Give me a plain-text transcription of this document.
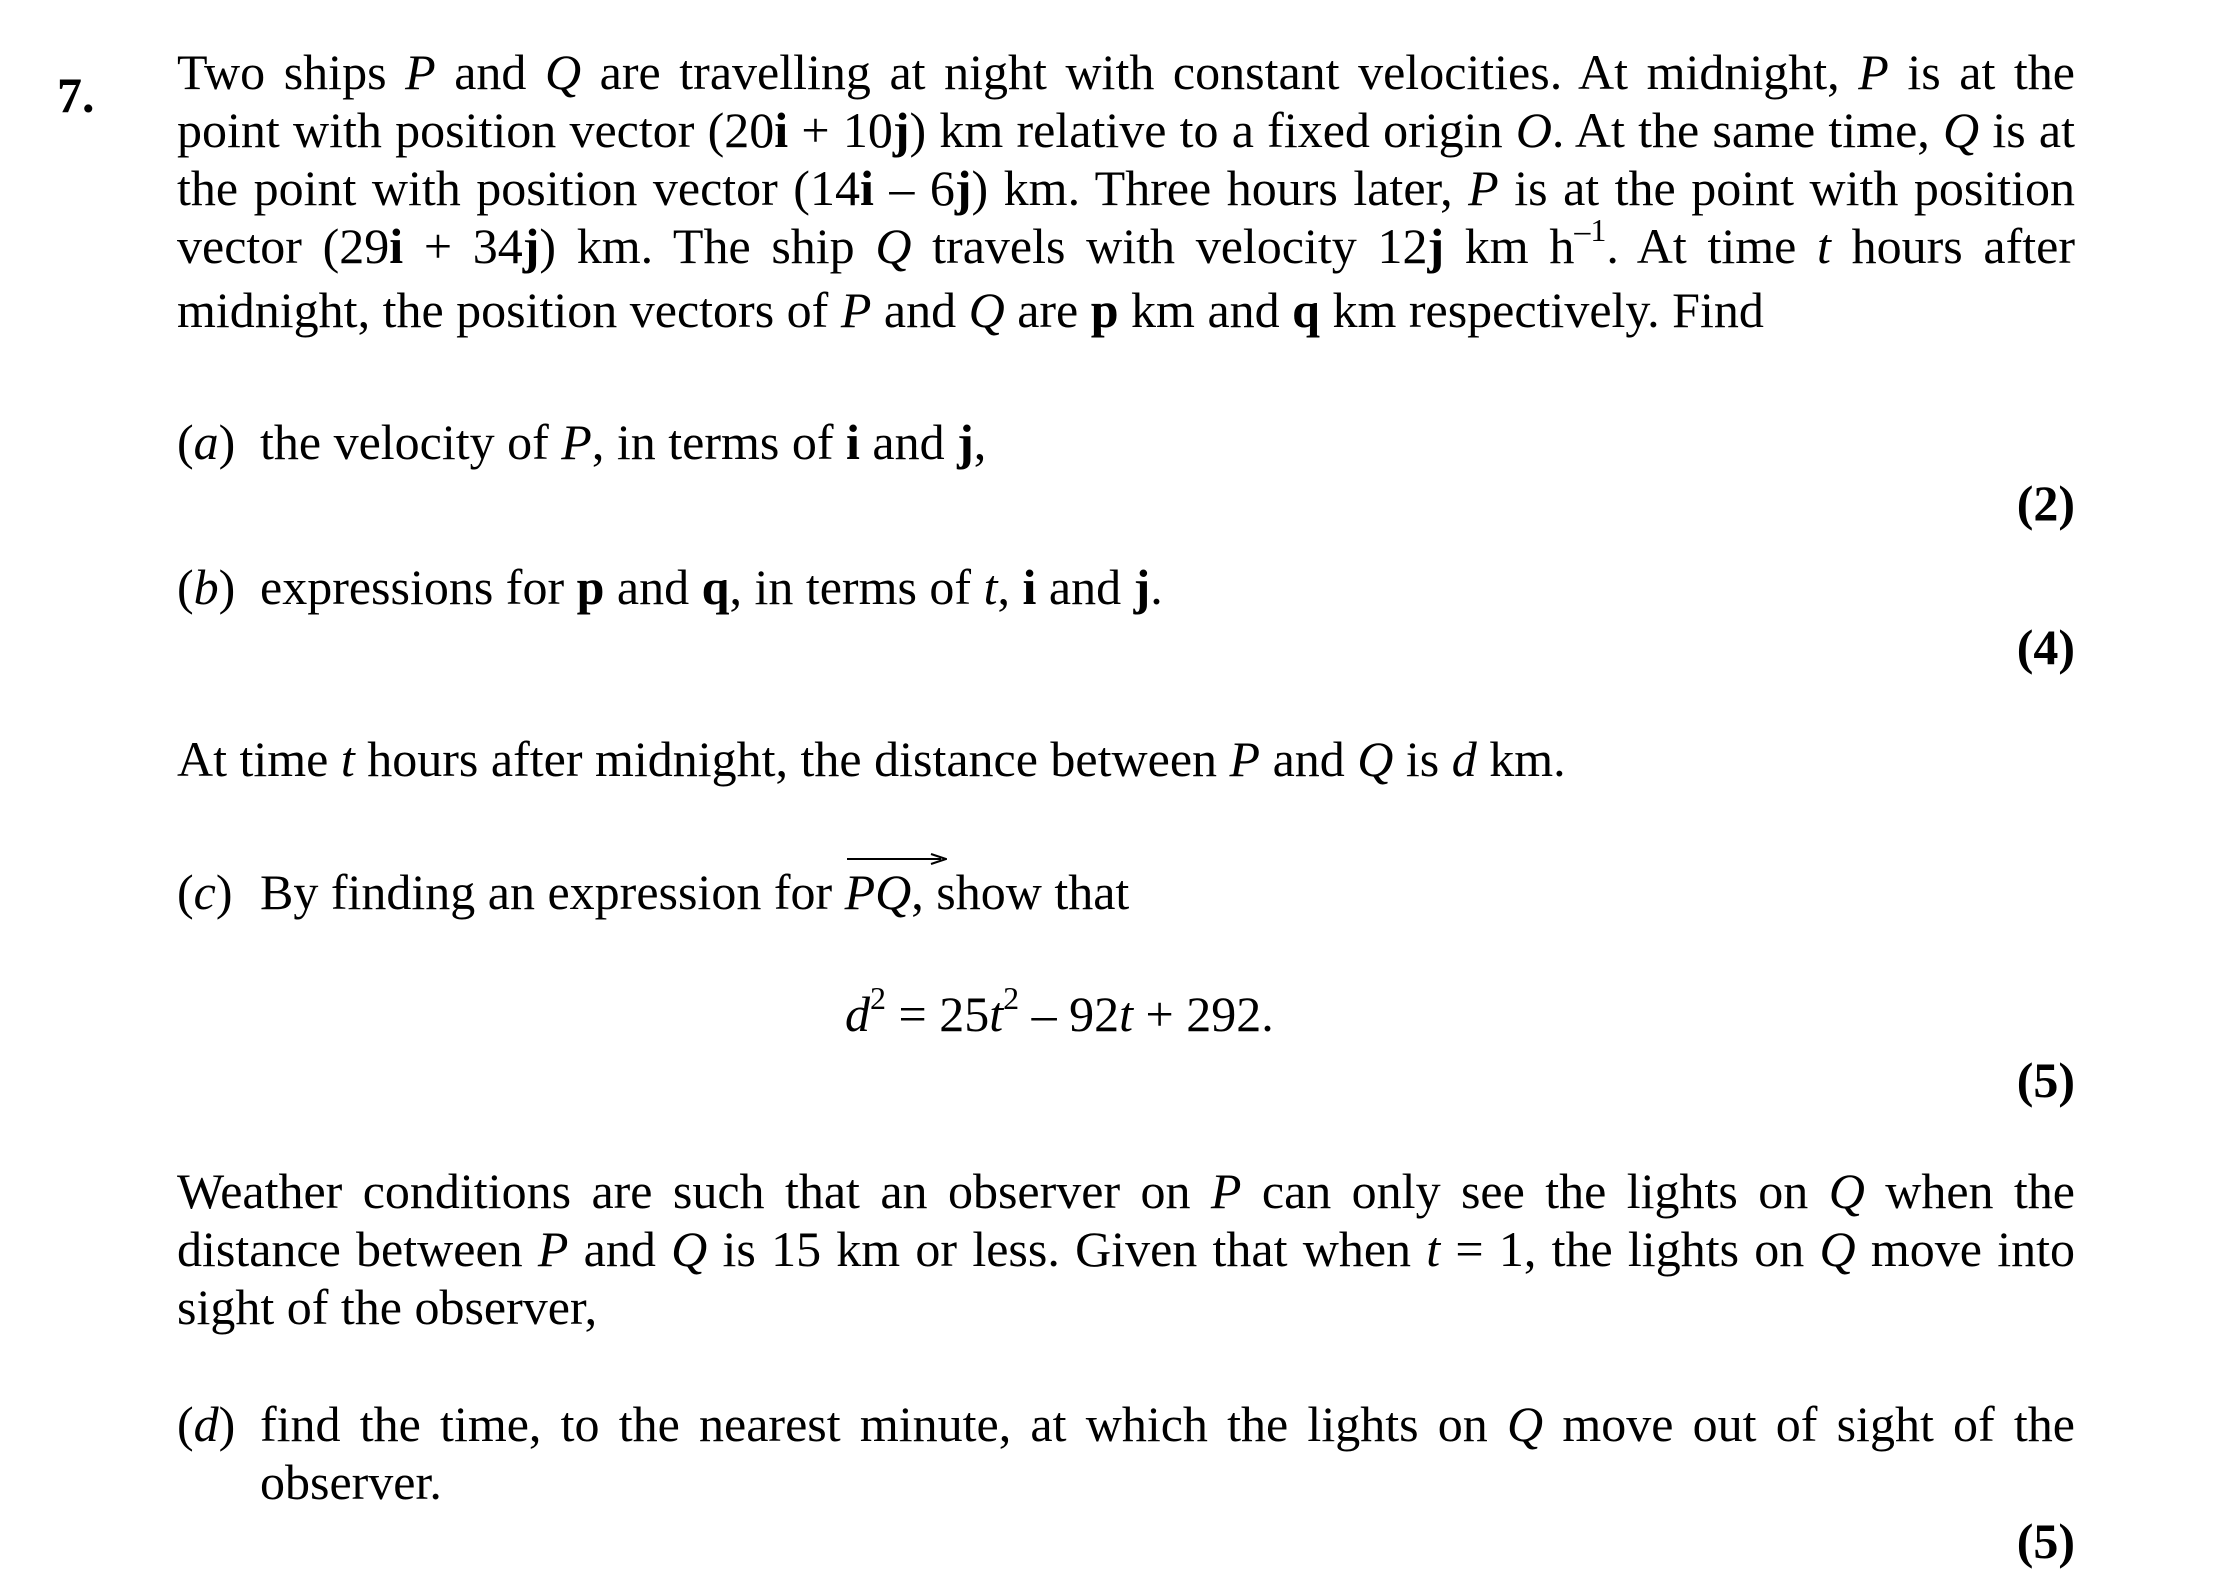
7. Two ships P and Q are travelling at night with constant velocities. At midnight, P is at the point with position vector (20i + 10j) km relative to a fixed origin O. At the same time, Q is at the point with position vector (14i – 6j) km. Three hours later, P is at the point with position vector (29i + 34j) km. The ship Q travels with velocity 12j km $h^{-1}$. At time t hours after midnight, the position vectors of P and Q are p km and q km respectively. Find
(a) the velocity of P, in terms of i and j,
(2)
(b) expressions for p and q, in terms of t, i and j.
(4)
At time t hours after midnight, the distance between P and Q is d km.
(c) By finding an expression for
PQ, show that
$d^2 = 25t^2 - 92t + 292$.
(5)
Weather conditions are such that an observer on P can only see the lights on Q when the distance between P and Q is 15 km or less. Given that when t = 1, the lights on Q move into sight of the observer,
(d) find the time, to the nearest minute, at which the lights on Q move out of sight of the observer.
(5)
